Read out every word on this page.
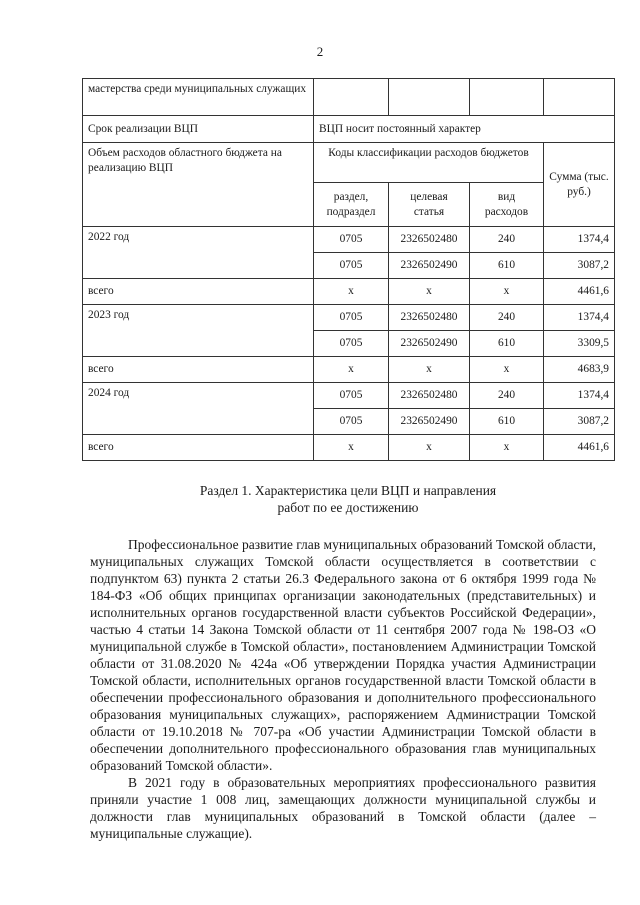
2
мастерства среди муниципальных служащих				
Срок реализации ВЦП	ВЦП носит постоянный характер			
Объем расходов областного бюджета на реализацию ВЦП	Коды классификации расходов бюджетов			Сумма (тыс. руб.)
	раздел, подраздел	целевая статья	вид расходов	
2022 год	0705	2326502480	240	1374,4
	0705	2326502490	610	3087,2
всего	х	х	х	4461,6
2023 год	0705	2326502480	240	1374,4
	0705	2326502490	610	3309,5
всего	х	х	х	4683,9
2024 год	0705	2326502480	240	1374,4
	0705	2326502490	610	3087,2
всего	х	х	х	4461,6
Раздел 1. Характеристика цели ВЦП и направления
работ по ее достижению

Профессиональное развитие глав муниципальных образований Томской области, муниципальных служащих Томской области осуществляется в соответствии с подпунктом 63) пункта 2 статьи 26.3 Федерального закона от 6 октября 1999 года № 184-ФЗ «Об общих принципах организации законодательных (представительных) и исполнительных органов государственной власти субъектов Российской Федерации», частью 4 статьи 14 Закона Томской области от 11 сентября 2007 года № 198-ОЗ «О муниципальной службе в Томской области», постановлением Администрации Томской области от 31.08.2020 № 424а «Об утверждении Порядка участия Администрации Томской области, исполнительных органов государственной власти Томской области в обеспечении профессионального образования и дополнительного профессионального образования муниципальных служащих», распоряжением Администрации Томской области от 19.10.2018 № 707-ра «Об участии Администрации Томской области в обеспечении дополнительного профессионального образования глав муниципальных образований Томской области».

В 2021 году в образовательных мероприятиях профессионального развития приняли участие 1 008 лиц, замещающих должности муниципальной службы и должности глав муниципальных образований в Томской области (далее – муниципальные служащие).
